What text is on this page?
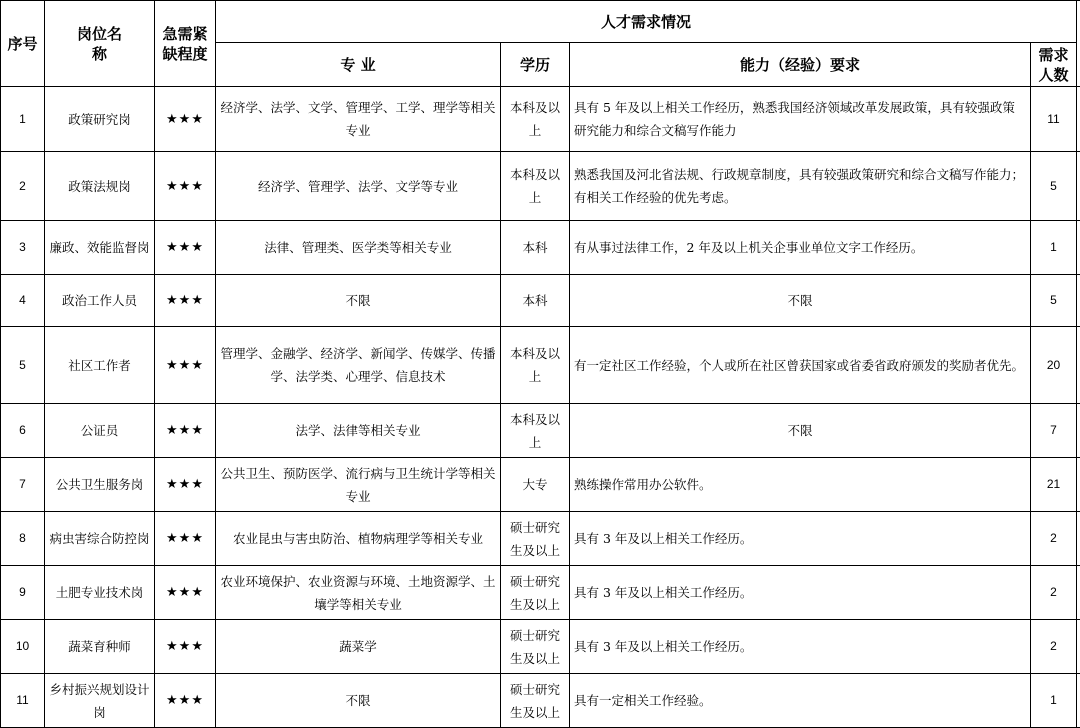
序号	岗位名称	急需紧缺程度	人才需求情况				
			专 业	学历	能力（经验）要求	需求人数	

1	政策研究岗	★★★	经济学、法学、文学、管理学、工学、理学等相关专业	本科及以上	具有 5 年及以上相关工作经历，熟悉我国经济领域改革发展政策，具有较强政策研究能力和综合文稿写作能力	11	
2	政策法规岗	★★★	经济学、管理学、法学、文学等专业	本科及以上	熟悉我国及河北省法规、行政规章制度，具有较强政策研究和综合文稿写作能力；有相关工作经验的优先考虑。	5	
3	廉政、效能监督岗	★★★	法律、管理类、医学类等相关专业	本科	有从事过法律工作，2 年及以上机关企事业单位文字工作经历。	1	
4	政治工作人员	★★★	不限	本科	不限	5	
5	社区工作者	★★★	管理学、金融学、经济学、新闻学、传媒学、传播学、法学类、心理学、信息技术	本科及以上	有一定社区工作经验，个人或所在社区曾获国家或省委省政府颁发的奖励者优先。	20	
6	公证员	★★★	法学、法律等相关专业	本科及以上	不限	7	
7	公共卫生服务岗	★★★	公共卫生、预防医学、流行病与卫生统计学等相关专业	大专	熟练操作常用办公软件。	21	
8	病虫害综合防控岗	★★★	农业昆虫与害虫防治、植物病理学等相关专业	硕士研究生及以上	具有 3 年及以上相关工作经历。	2	
9	土肥专业技术岗	★★★	农业环境保护、农业资源与环境、土地资源学、土壤学等相关专业	硕士研究生及以上	具有 3 年及以上相关工作经历。	2	
10	蔬菜育种师	★★★	蔬菜学	硕士研究生及以上	具有 3 年及以上相关工作经历。	2	
11	乡村振兴规划设计岗	★★★	不限	硕士研究生及以上	具有一定相关工作经验。	1	
